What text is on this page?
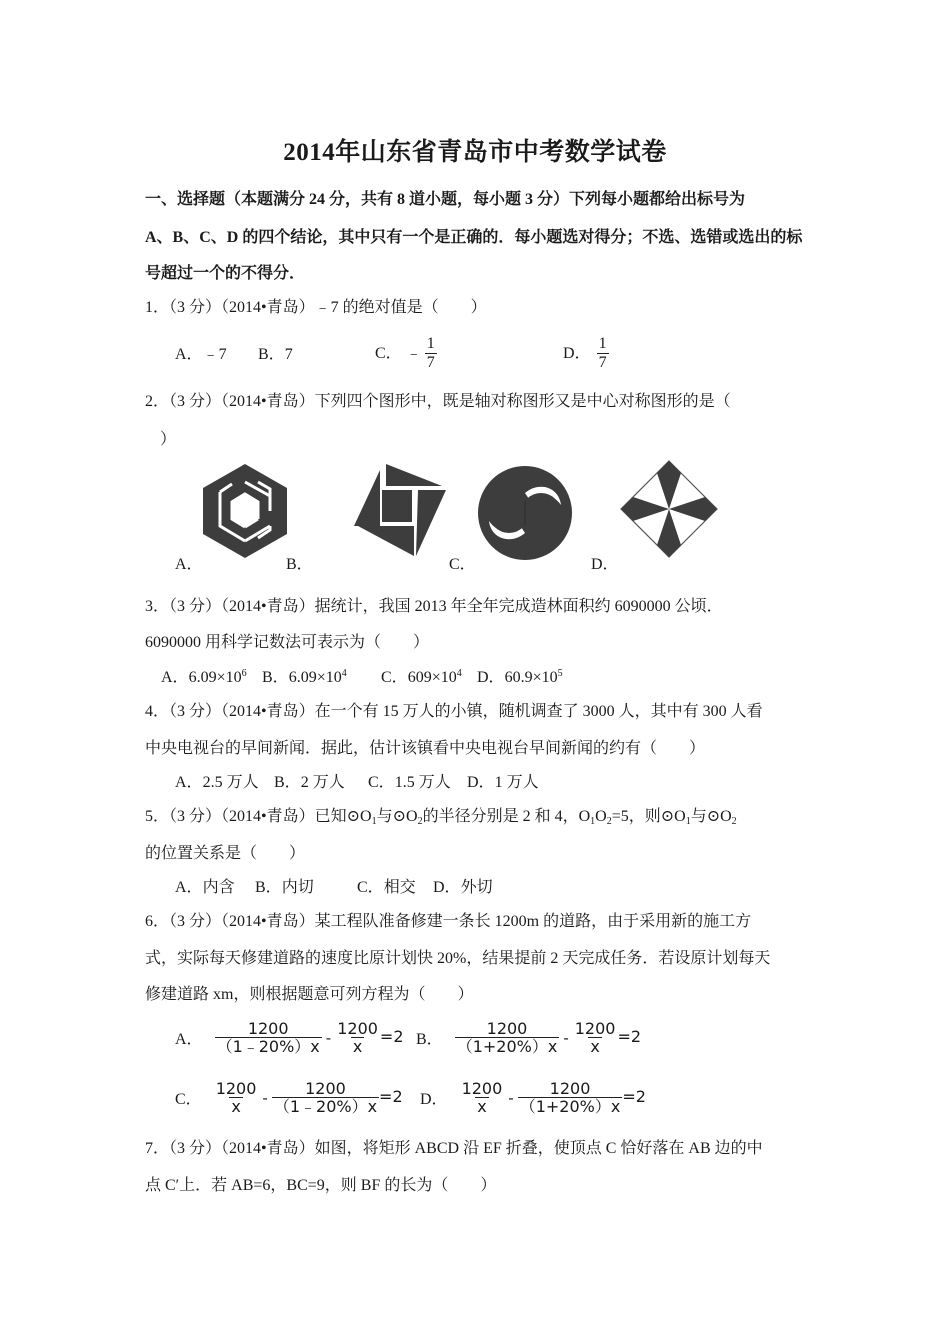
2014年山东省青岛市中考数学试卷
一、选择题（本题满分 24 分，共有 8 道小题，每小题 3 分）下列每小题都给出标号为
A、B、C、D 的四个结论，其中只有一个是正确的．每小题选对得分；不选、选错或选出的标
号超过一个的不得分．
1．（3 分）（2014•青岛）﹣7 的绝对值是（　　）
A．﹣7 B．7	C． ﹣ $\frac{1}{7}$	D． $\frac{1}{7}$
2．（3 分）（2014•青岛）下列四个图形中，既是轴对称图形又是中心对称图形的是（
）
A．	B．	C．	D．
3．（3 分）（2014•青岛）据统计，我国 2013 年全年完成造林面积约 6090000 公顷．
6090000 用科学记数法可表示为（　　）
A．$6.09\times 10^6$ B．$6.09\times 10^4$ C．$609\times 10^4$ D．$60.9\times 10^5$
4．（3 分）（2014•青岛）在一个有 15 万人的小镇，随机调查了 3000 人，其中有 300 人看
中央电视台的早间新闻．据此，估计该镇看中央电视台早间新闻的约有（　　）
A．2.5 万人 B．2 万人 C．1.5 万人 D．1 万人
5．（3 分）（2014•青岛）已知$⊙O_1$与$⊙O_2$的半径分别是 2 和 4，$O_1O_2=5$，则$⊙O_1$与$⊙O_2$
的位置关系是（　　）
A．内含 B．内切	C．相交 D．外切
6．（3 分）（2014•青岛）某工程队准备修建一条长 1200m 的道路，由于采用新的施工方
式，实际每天修建道路的速度比原计划快 20%，结果提前 2 天完成任务．若设原计划每天
修建道路 xm，则根据题意可列方程为（　　）
A． $\frac{1200}{(1﹣20\%)x} - \frac{1200}{x} =2$ B． $\frac{1200}{(1+20\%)x} - \frac{1200}{x} =2$
C． $\frac{1200}{x} - \frac{1200}{(1﹣20\%)x} =2$ D． $\frac{1200}{x} - \frac{1200}{(1+20\%)x} =2$
7．（3 分）（2014•青岛）如图，将矩形 ABCD 沿 EF 折叠，使顶点 C 恰好落在 AB 边的中
点 C′上．若 AB=6，BC=9，则 BF 的长为（　　）
